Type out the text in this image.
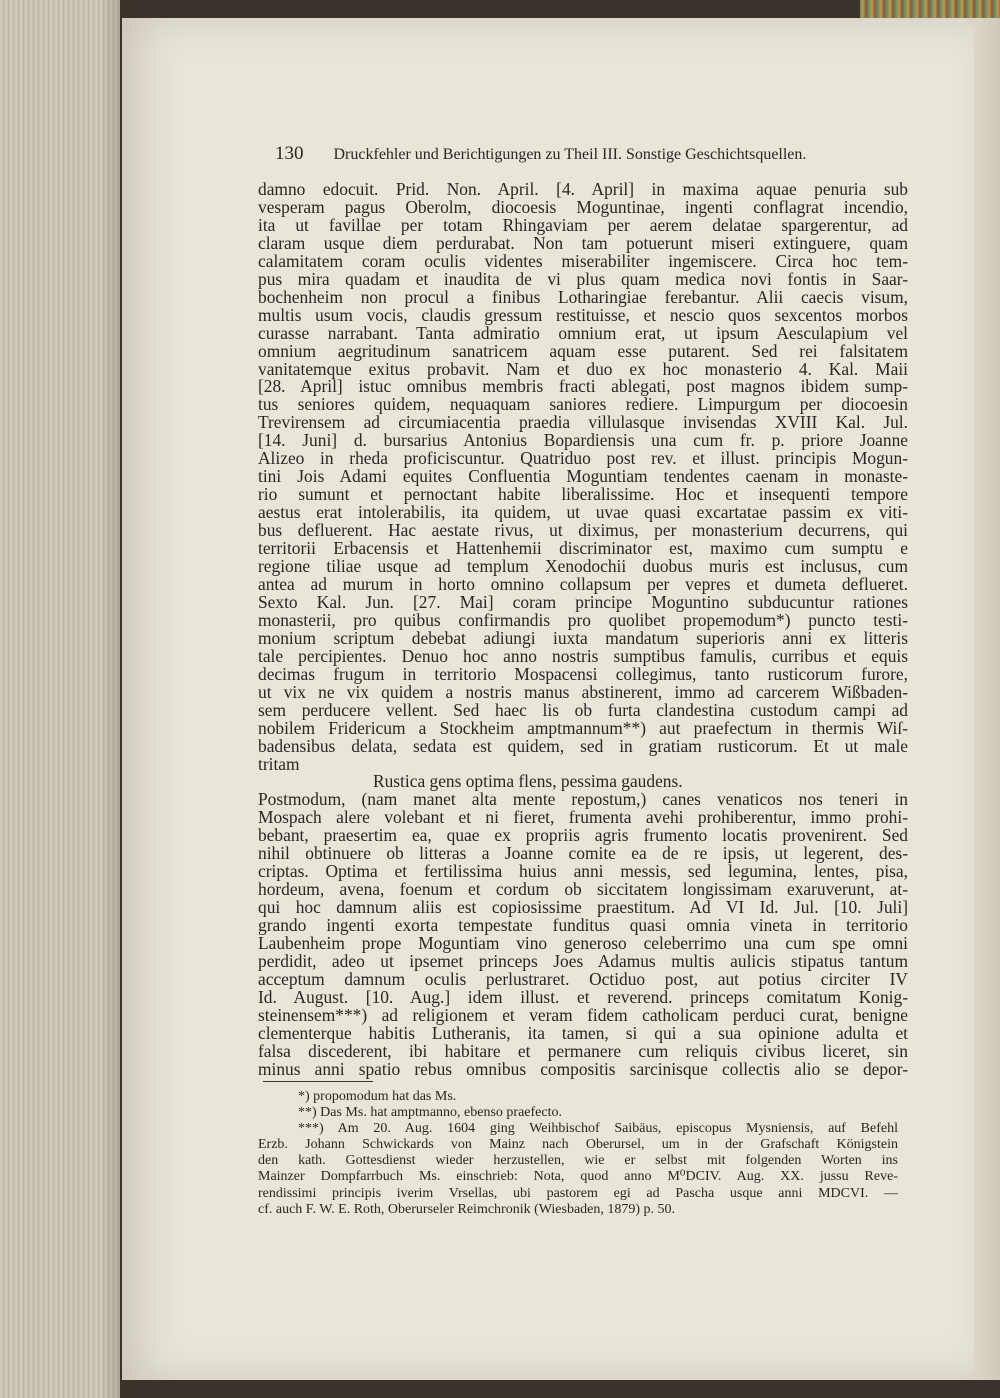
130 Druckfehler und Berichtigungen zu Theil III. Sonstige Geschichtsquellen.
damno edocuit. Prid. Non. April. [4. April] in maxima aquae penuria sub
vesperam pagus Oberolm, diocoesis Moguntinae, ingenti conflagrat incendio,
ita ut favillae per totam Rhingaviam per aerem delatae spargerentur, ad
claram usque diem perdurabat. Non tam potuerunt miseri extinguere, quam
calamitatem coram oculis videntes miserabiliter ingemiscere. Circa hoc tem-
pus mira quadam et inaudita de vi plus quam medica novi fontis in Saar-
bochenheim non procul a finibus Lotharingiae ferebantur. Alii caecis visum,
multis usum vocis, claudis gressum restituisse, et nescio quos sexcentos morbos
curasse narrabant. Tanta admiratio omnium erat, ut ipsum Aesculapium vel
omnium aegritudinum sanatricem aquam esse putarent. Sed rei falsitatem
vanitatemque exitus probavit. Nam et duo ex hoc monasterio 4. Kal. Maii
[28. April] istuc omnibus membris fracti ablegati, post magnos ibidem sump-
tus seniores quidem, nequaquam saniores rediere. Limpurgum per diocoesin
Trevirensem ad circumiacentia praedia villulasque invisendas XVIII Kal. Jul.
[14. Juni] d. bursarius Antonius Bopardiensis una cum fr. p. priore Joanne
Alizeo in rheda proficiscuntur. Quatriduo post rev. et illust. principis Mogun-
tini Jois Adami equites Confluentia Moguntiam tendentes caenam in monaste-
rio sumunt et pernoctant habite liberalissime. Hoc et insequenti tempore
aestus erat intolerabilis, ita quidem, ut uvae quasi excartatae passim ex viti-
bus defluerent. Hac aestate rivus, ut diximus, per monasterium decurrens, qui
territorii Erbacensis et Hattenhemii discriminator est, maximo cum sumptu e
regione tiliae usque ad templum Xenodochii duobus muris est inclusus, cum
antea ad murum in horto omnino collapsum per vepres et dumeta deflueret.
Sexto Kal. Jun. [27. Mai] coram principe Moguntino subducuntur rationes
monasterii, pro quibus confirmandis pro quolibet propemodum*) puncto testi-
monium scriptum debebat adiungi iuxta mandatum superioris anni ex litteris
tale percipientes. Denuo hoc anno nostris sumptibus famulis, curribus et equis
decimas frugum in territorio Mospacensi collegimus, tanto rusticorum furore,
ut vix ne vix quidem a nostris manus abstinerent, immo ad carcerem Wißbaden-
sem perducere vellent. Sed haec lis ob furta clandestina custodum campi ad
nobilem Fridericum a Stockheim amptmannum**) aut praefectum in thermis Wiſ-
badensibus delata, sedata est quidem, sed in gratiam rusticorum. Et ut male
tritam
Rustica gens optima flens, pessima gaudens.
Postmodum, (nam manet alta mente repostum,) canes venaticos nos teneri in
Mospach alere volebant et ni fieret, frumenta avehi prohiberentur, immo prohi-
bebant, praesertim ea, quae ex propriis agris frumento locatis provenirent. Sed
nihil obtinuere ob litteras a Joanne comite ea de re ipsis, ut legerent, des-
criptas. Optima et fertilissima huius anni messis, sed legumina, lentes, pisa,
hordeum, avena, foenum et cordum ob siccitatem longissimam exaruverunt, at-
qui hoc damnum aliis est copiosissime praestitum. Ad VI Id. Jul. [10. Juli]
grando ingenti exorta tempestate funditus quasi omnia vineta in territorio
Laubenheim prope Moguntiam vino generoso celeberrimo una cum spe omni
perdidit, adeo ut ipsemet princeps Joes Adamus multis aulicis stipatus tantum
acceptum damnum oculis perlustraret. Octiduo post, aut potius circiter IV
Id. August. [10. Aug.] idem illust. et reverend. princeps comitatum Konig-
steinensem***) ad religionem et veram fidem catholicam perduci curat, benigne
clementerque habitis Lutheranis, ita tamen, si qui a sua opinione adulta et
falsa discederent, ibi habitare et permanere cum reliquis civibus liceret, sin
minus anni spatio rebus omnibus compositis sarcinisque collectis alio se depor-
*) propomodum hat das Ms.
**) Das Ms. hat amptmanno, ebenso praefecto.
***) Am 20. Aug. 1604 ging Weihbischof Saibäus, episcopus Mysniensis, auf Befehl
Erzb. Johann Schwickards von Mainz nach Oberursel, um in der Grafschaft Königstein
den kath. Gottesdienst wieder herzustellen, wie er selbst mit folgenden Worten ins
Mainzer Dompfarrbuch Ms. einschrieb: Nota, quod anno M⁰DCIV. Aug. XX. jussu Reve-
rendissimi principis iverim Vrsellas, ubi pastorem egi ad Pascha usque anni MDCVI. —
cf. auch F. W. E. Roth, Oberurseler Reimchronik (Wiesbaden, 1879) p. 50.
